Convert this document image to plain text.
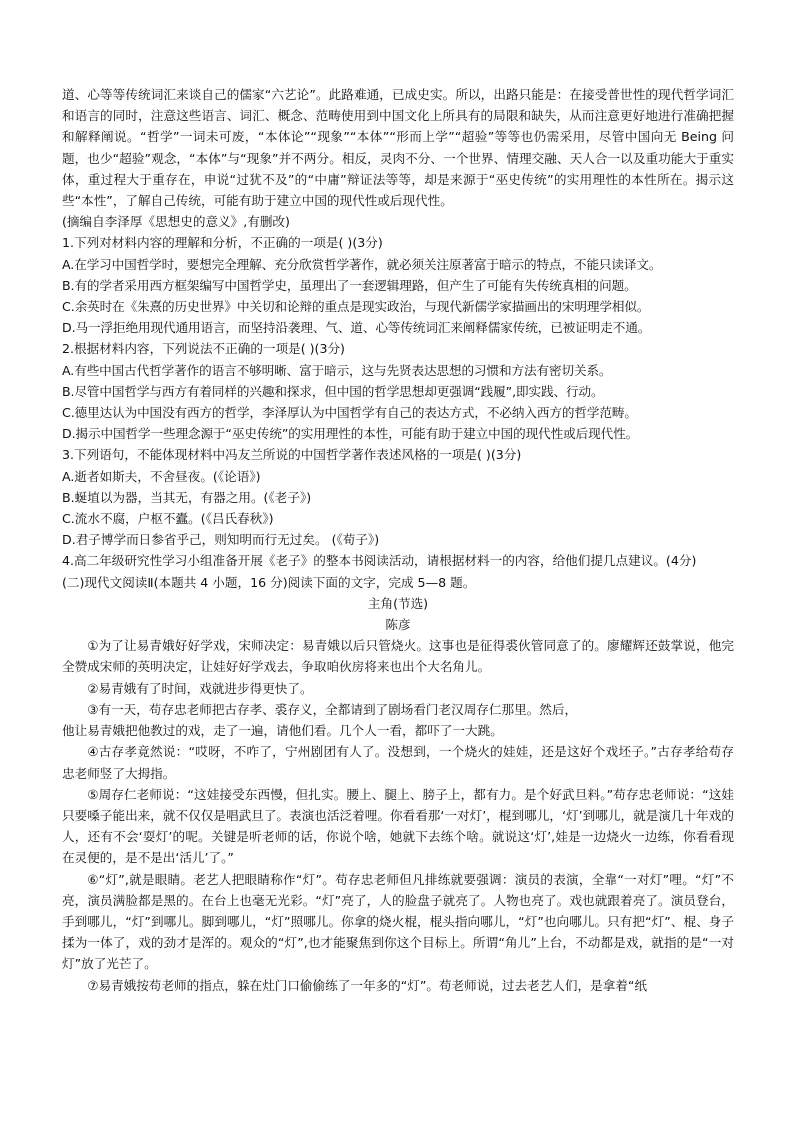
道、心等等传统词汇来谈自己的儒家“六艺论”。此路难通，已成史实。所以，出路只能是：在接受普世性的现代哲学词汇和语言的同时，注意这些语言、词汇、概念、范畴使用到中国文化上所具有的局限和缺失，从而注意更好地进行准确把握和解释阐说。“哲学”一词未可废，“本体论”“现象”“本体”“形而上学”“超验”等等也仍需采用，尽管中国向无 Being 问题，也少“超验”观念，“本体”与“现象”并不两分。相反，灵肉不分、一个世界、情理交融、天人合一以及重功能大于重实体，重过程大于重存在，申说“过犹不及”的“中庸”辩证法等等，却是来源于“巫史传统”的实用理性的本性所在。揭示这些“本性”，了解自己传统，可能有助于建立中国的现代性或后现代性。

(摘编自李泽厚《思想史的意义》,有删改)

1.下列对材料内容的理解和分析，不正确的一项是( )(3分)

A.在学习中国哲学时，要想完全理解、充分欣赏哲学著作，就必须关注原著富于暗示的特点，不能只读译文。

B.有的学者采用西方框架编写中国哲学史，虽理出了一套逻辑理路，但产生了可能有失传统真相的问题。

C.余英时在《朱熹的历史世界》中关切和论辩的重点是现实政治，与现代新儒学家描画出的宋明理学相似。

D.马一浮拒绝用现代通用语言，而坚持沿袭理、气、道、心等传统词汇来阐释儒家传统，已被证明走不通。

2.根据材料内容，下列说法不正确的一项是( )(3分)

A.有些中国古代哲学著作的语言不够明晰、富于暗示，这与先贤表达思想的习惯和方法有密切关系。

B.尽管中国哲学与西方有着同样的兴趣和探求，但中国的哲学思想却更强调“践履”,即实践、行动。

C.德里达认为中国没有西方的哲学，李泽厚认为中国哲学有自己的表达方式，不必纳入西方的哲学范畴。

D.揭示中国哲学一些理念源于“巫史传统”的实用理性的本性，可能有助于建立中国的现代性或后现代性。

3.下列语句，不能体现材料中冯友兰所说的中国哲学著作表述风格的一项是( )(3分)

A.逝者如斯夫，不舍昼夜。(《论语》)

B.蜒埴以为器，当其无，有器之用。(《老子》)

C.流水不腐，户枢不蠹。(《吕氏春秋》)

D.君子博学而日参省乎己，则知明而行无过矣。 (《荀子》)

4.高二年级研究性学习小组准备开展《老子》的整本书阅读活动，请根据材料一的内容，给他们提几点建议。(4分)

(二)现代文阅读Ⅱ(本题共 4 小题，16 分)阅读下面的文字，完成 5—8 题。

主角(节选)

陈彦

①为了让易青娥好好学戏，宋师决定：易青娥以后只管烧火。这事也是征得裘伙管同意了的。廖耀辉还鼓掌说，他完全赞成宋师的英明决定，让娃好好学戏去，争取咱伙房将来也出个大名角儿。

②易青娥有了时间，戏就进步得更快了。

③有一天，苟存忠老师把古存孝、裘存义，全都请到了剧场看门老汉周存仁那里。然后，

他让易青娥把他教过的戏，走了一遍，请他们看。几个人一看，都吓了一大跳。

④古存孝竟然说：“哎呀，不咋了，宁州剧团有人了。没想到，一个烧火的娃娃，还是这好个戏坯子。”古存孝给苟存忠老师竖了大拇指。

⑤周存仁老师说：“这娃接受东西慢，但扎实。腰上、腿上、膀子上，都有力。是个好武旦料。”苟存忠老师说：“这娃只要嗓子能出来，就不仅仅是唱武旦了。表演也活泛着哩。你看看那‘一对灯’，棍到哪儿，‘灯’到哪儿，就是演几十年戏的人，还有不会‘耍灯’的呢。关键是听老师的话，你说个啥，她就下去练个啥。就说这‘灯’,娃是一边烧火一边练，你看看现在灵便的，是不是出‘活儿’了。”

⑥“灯”,就是眼睛。老艺人把眼睛称作“灯”。苟存忠老师但凡排练就要强调：演员的表演，全靠“一对灯”哩。“灯”不亮，演员满脸都是黑的。在台上也毫无光彩。“灯”亮了，人的脸盘子就亮了。人物也亮了。戏也就跟着亮了。演员登台，手到哪儿，“灯”到哪儿。脚到哪儿，“灯”照哪儿。你拿的烧火棍，棍头指向哪儿，“灯”也向哪儿。只有把“灯”、棍、身子揉为一体了，戏的劲才是浑的。观众的“灯”,也才能聚焦到你这个目标上。所谓“角儿”上台，不动都是戏，就指的是“一对灯”放了光芒了。

⑦易青娥按苟老师的指点，躲在灶门口偷偷练了一年多的“灯”。苟老师说，过去老艺人们，是拿着“纸
